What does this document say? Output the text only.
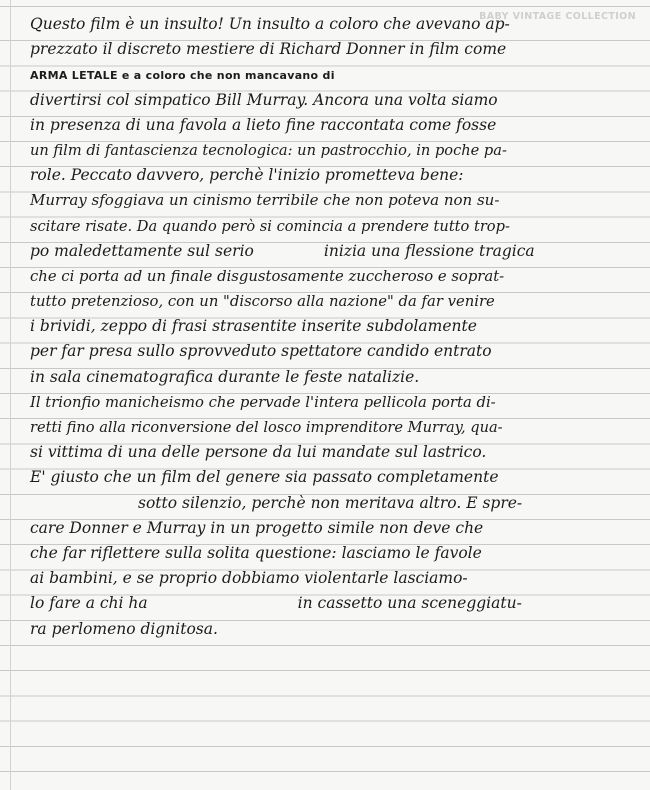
BABY VINTAGE COLLECTION
Questo film è un insulto! Un insulto a coloro che avevano ap-
prezzato il discreto mestiere di Richard Donner in film come
ARMA LETALE e a coloro che non mancavano di
divertirsi col simpatico Bill Murray. Ancora una volta siamo
in presenza di una favola a lieto fine raccontata come fosse
un film di fantascienza tecnologica: un pastrocchio, in poche pa-
role. Peccato davvero, perchè l'inizio prometteva bene:
Murray sfoggiava un cinismo terribile che non poteva non su-
scitare risate. Da quando però si comincia a prendere tutto trop-
po maledettamente sul serio	inizia una flessione tragica
che ci porta ad un finale disgustosamente zuccheroso e soprat-
tutto pretenzioso, con un "discorso alla nazione" da far venire
i brividi, zeppo di frasi strasentite inserite subdolamente
per far presa sullo sprovveduto spettatore candido entrato
in sala cinematografica durante le feste natalizie.
Il trionfio manicheismo che pervade l'intera pellicola porta di-
retti fino alla riconversione del losco imprenditore Murray, qua-
si vittima di una delle persone da lui mandate sul lastrico.
E' giusto che un film del genere sia passato completamente
sotto silenzio, perchè non meritava altro. E spre-
care Donner e Murray in un progetto simile non deve che
che far riflettere sulla solita questione: lasciamo le favole
ai bambini, e se proprio dobbiamo violentarle lasciamo-
lo fare a chi ha	in cassetto una sceneggiatu-
ra perlomeno dignitosa.
